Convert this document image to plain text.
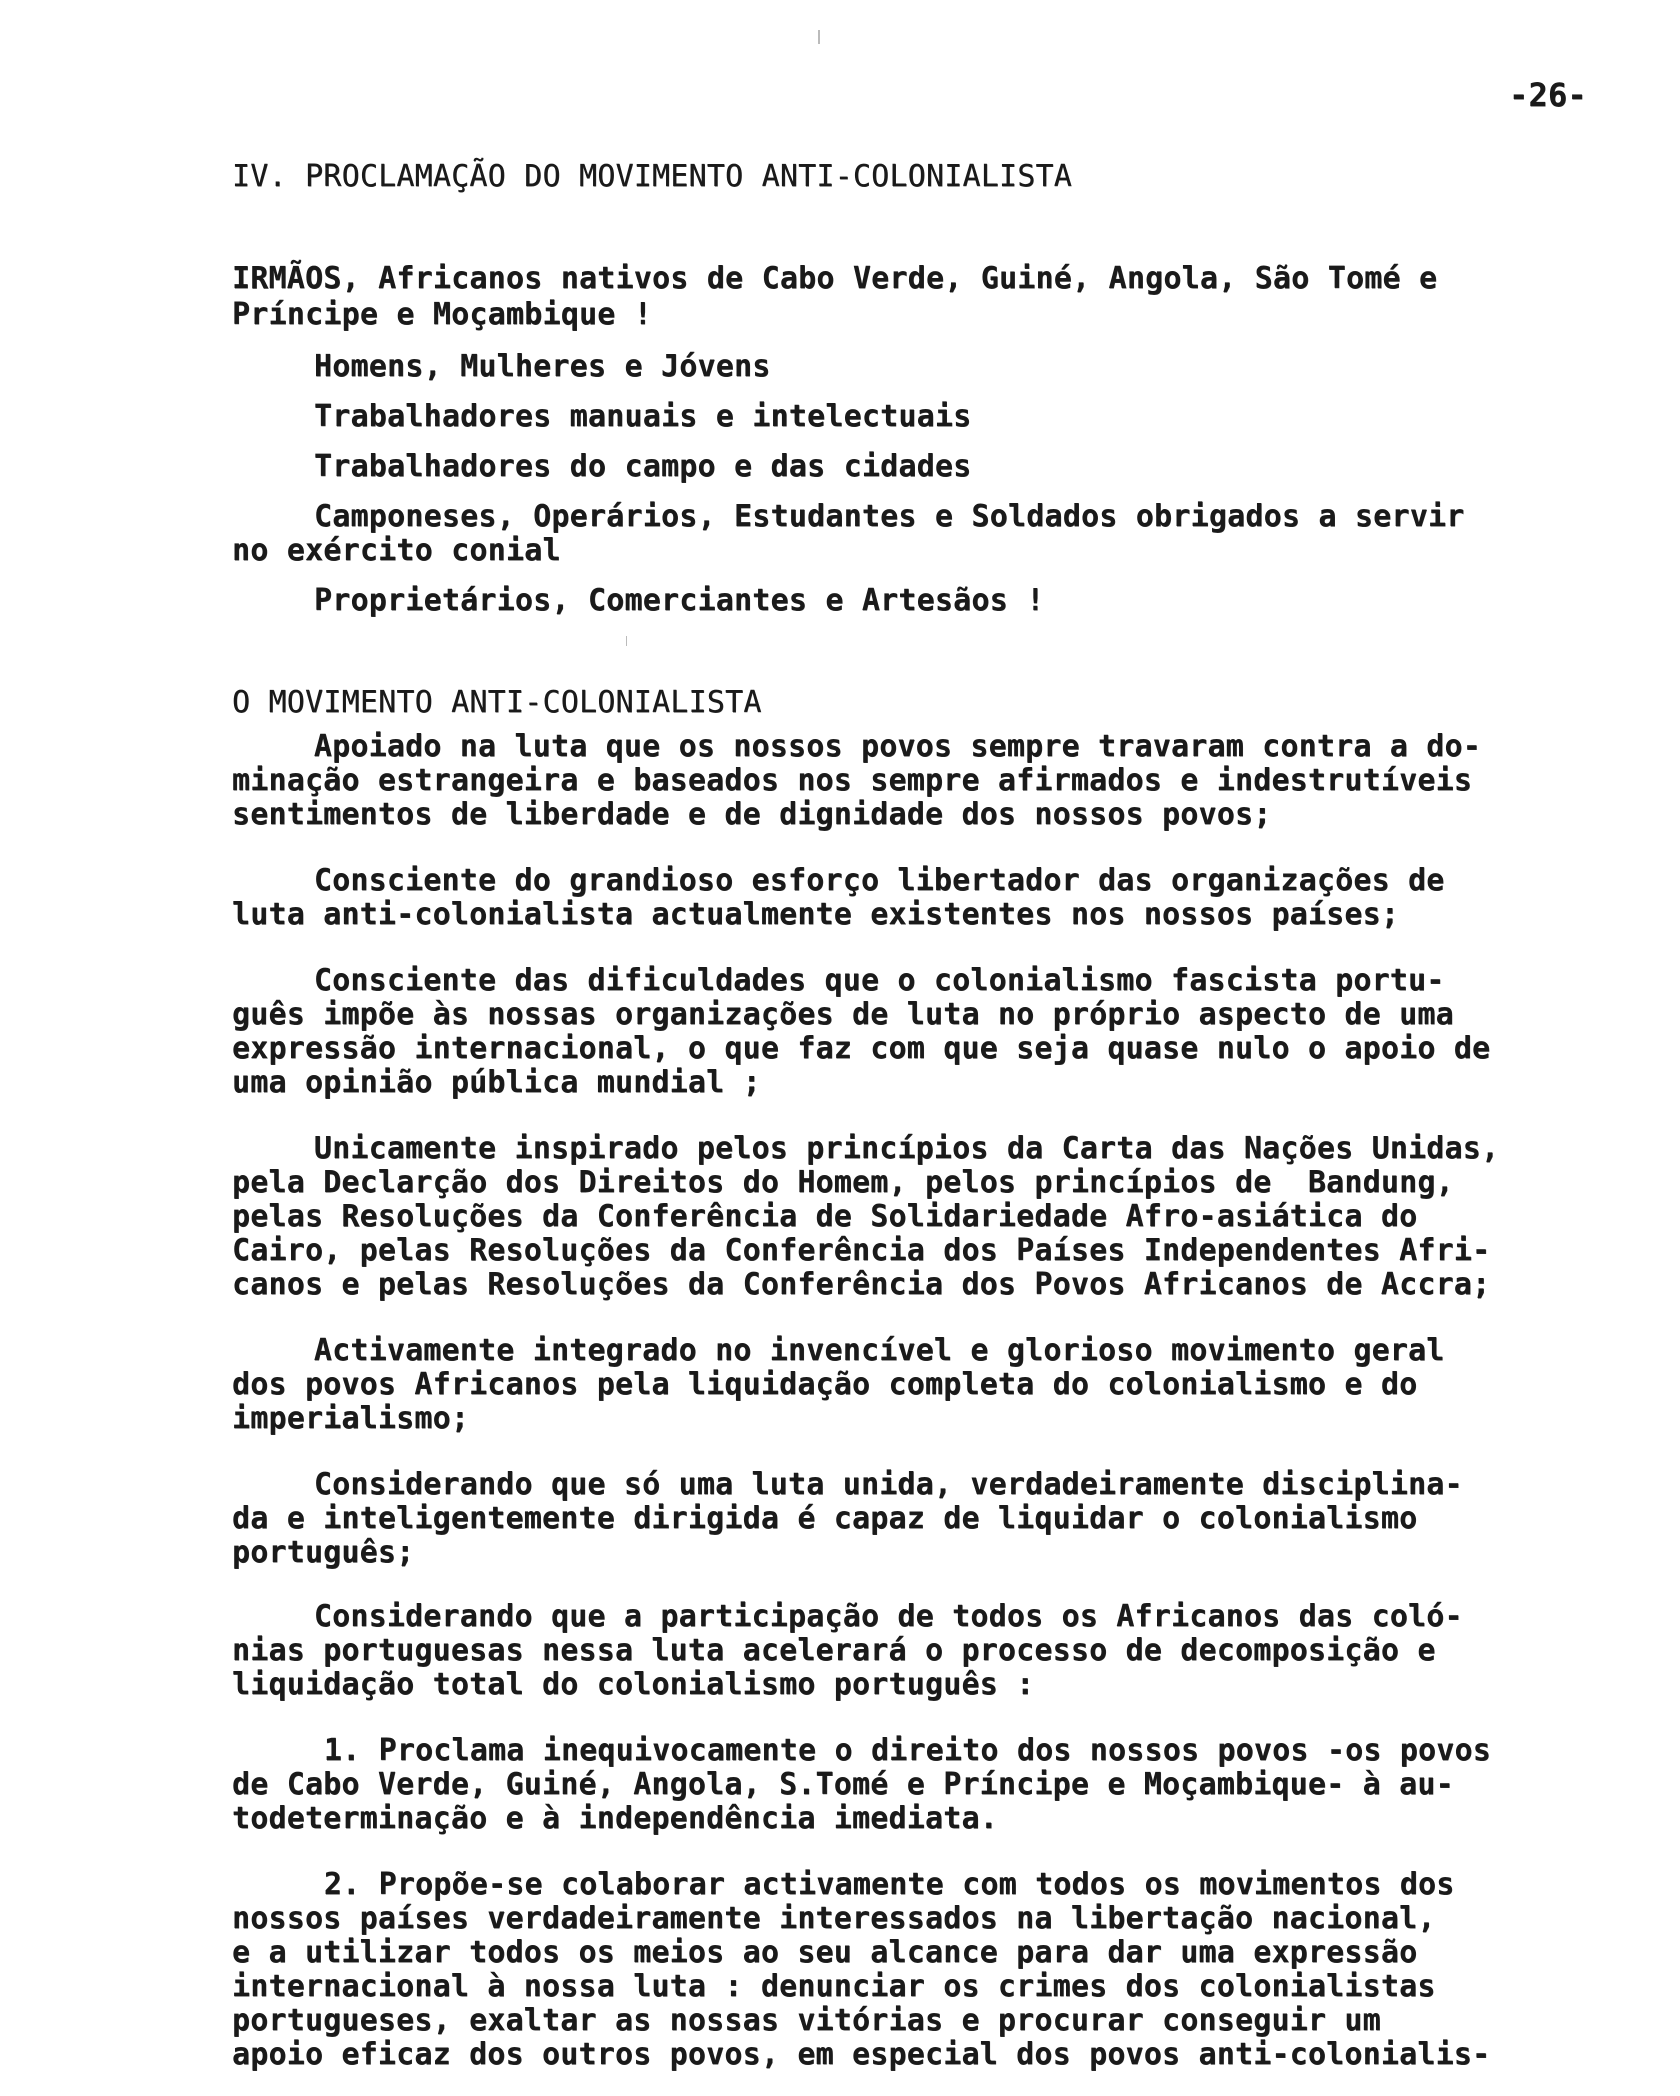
-26-
IV. PROCLAMAÇÃO DO MOVIMENTO ANTI-COLONIALISTA
IRMÃOS, Africanos nativos de Cabo Verde, Guiné, Angola, São Tomé e
Príncipe e Moçambique !
Homens, Mulheres e Jóvens
Trabalhadores manuais e intelectuais
Trabalhadores do campo e das cidades
Camponeses, Operários, Estudantes e Soldados obrigados a servir
no exército conial
Proprietários, Comerciantes e Artesãos !
O MOVIMENTO ANTI-COLONIALISTA
Apoiado na luta que os nossos povos sempre travaram contra a do-
minação estrangeira e baseados nos sempre afirmados e indestrutíveis
sentimentos de liberdade e de dignidade dos nossos povos;
Consciente do grandioso esforço libertador das organizações de
luta anti-colonialista actualmente existentes nos nossos países;
Consciente das dificuldades que o colonialismo fascista portu-
guês impõe às nossas organizações de luta no próprio aspecto de uma
expressão internacional, o que faz com que seja quase nulo o apoio de
uma opinião pública mundial ;
Unicamente inspirado pelos princípios da Carta das Nações Unidas,
pela Declarção dos Direitos do Homem, pelos princípios de  Bandung,
pelas Resoluções da Conferência de Solidariedade Afro-asiática do
Cairo, pelas Resoluções da Conferência dos Países Independentes Afri-
canos e pelas Resoluções da Conferência dos Povos Africanos de Accra;
Activamente integrado no invencível e glorioso movimento geral
dos povos Africanos pela liquidação completa do colonialismo e do
imperialismo;
Considerando que só uma luta unida, verdadeiramente disciplina-
da e inteligentemente dirigida é capaz de liquidar o colonialismo
português;
Considerando que a participação de todos os Africanos das coló-
nias portuguesas nessa luta acelerará o processo de decomposição e
liquidação total do colonialismo português :
1. Proclama inequivocamente o direito dos nossos povos -os povos
de Cabo Verde, Guiné, Angola, S.Tomé e Príncipe e Moçambique- à au-
todeterminação e à independência imediata.
2. Propõe-se colaborar activamente com todos os movimentos dos
nossos países verdadeiramente interessados na libertação nacional,
e a utilizar todos os meios ao seu alcance para dar uma expressão
internacional à nossa luta : denunciar os crimes dos colonialistas
portugueses, exaltar as nossas vitórias e procurar conseguir um
apoio eficaz dos outros povos, em especial dos povos anti-colonialis-
